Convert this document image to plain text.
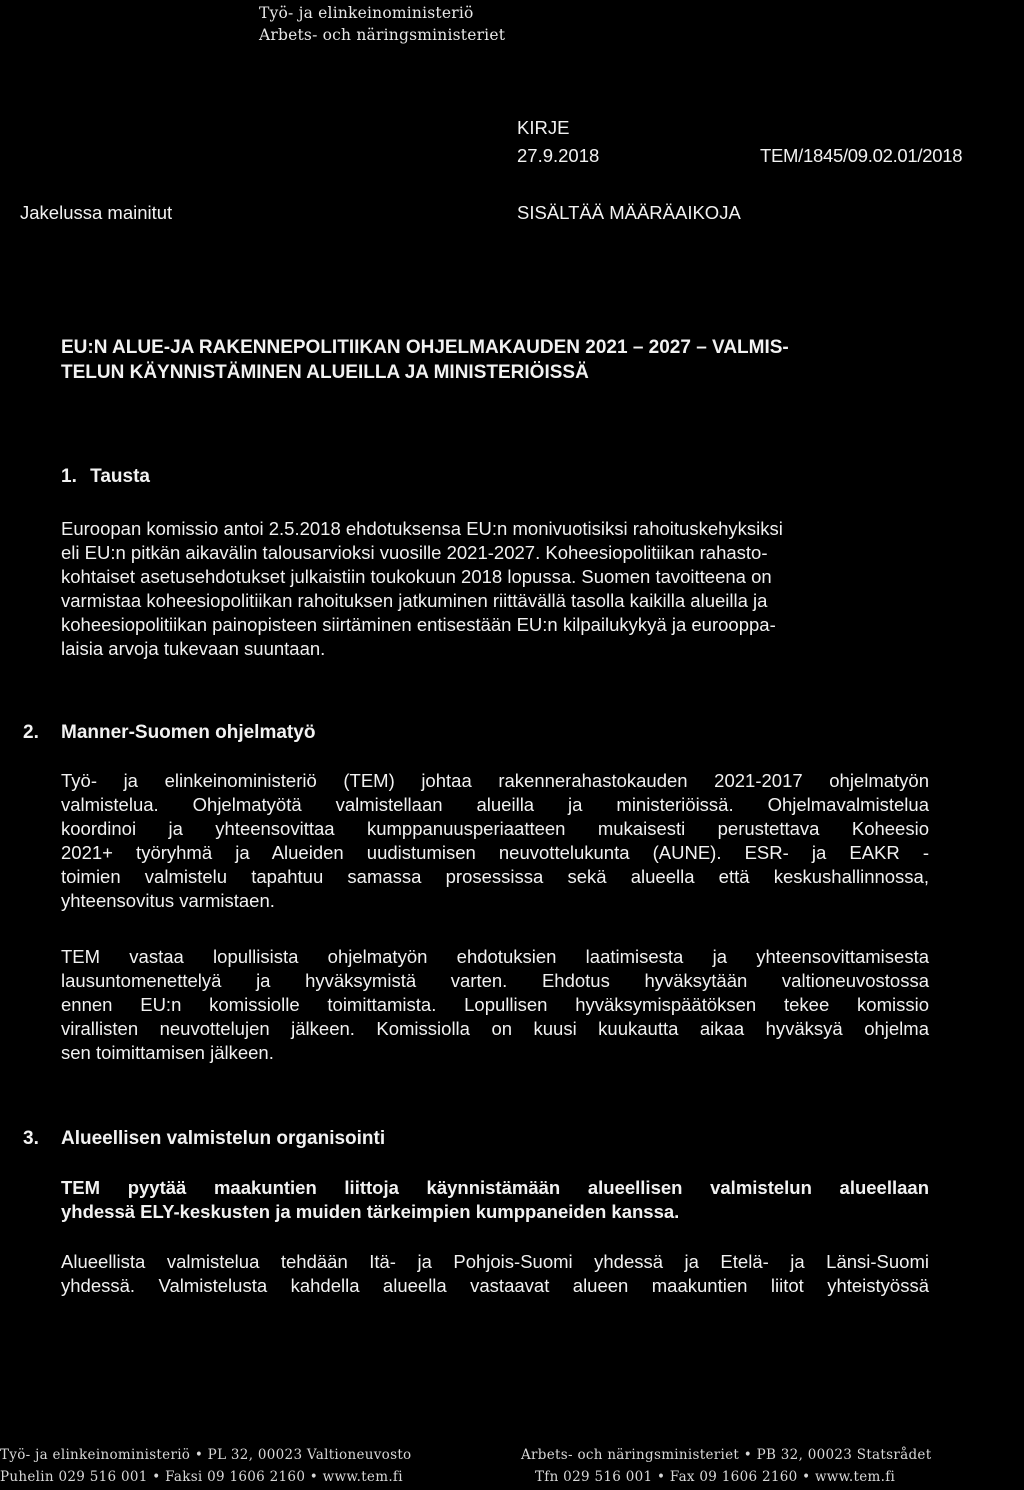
Työ- ja elinkeinoministeriö
Arbets- och näringsministeriet
KIRJE
27.9.2018	TEM/1845/09.02.01/2018
Jakelussa mainitut	SISÄLTÄÄ MÄÄRÄAIKOJA
EU:N ALUE-JA RAKENNEPOLITIIKAN OHJELMAKAUDEN 2021 – 2027 – VALMIS-
TELUN KÄYNNISTÄMINEN ALUEILLA JA MINISTERIÖISSÄ
1. Tausta
Euroopan komissio antoi 2.5.2018 ehdotuksensa EU:n monivuotisiksi rahoituskehyksiksi
eli EU:n pitkän aikavälin talousarvioksi vuosille 2021-2027. Koheesiopolitiikan rahasto-
kohtaiset asetusehdotukset julkaistiin toukokuun 2018 lopussa. Suomen tavoitteena on
varmistaa koheesiopolitiikan rahoituksen jatkuminen riittävällä tasolla kaikilla alueilla ja
koheesiopolitiikan painopisteen siirtäminen entisestään EU:n kilpailukykyä ja eurooppa-
laisia arvoja tukevaan suuntaan.
2. Manner-Suomen ohjelmatyö
Työ- ja elinkeinoministeriö (TEM) johtaa rakennerahastokauden 2021-2017 ohjelmatyön
valmistelua. Ohjelmatyötä valmistellaan alueilla ja ministeriöissä. Ohjelmavalmistelua
koordinoi ja yhteensovittaa kumppanuusperiaatteen mukaisesti perustettava Koheesio
2021+ työryhmä ja Alueiden uudistumisen neuvottelukunta (AUNE). ESR- ja EAKR -
toimien valmistelu tapahtuu samassa prosessissa sekä alueella että keskushallinnossa,
yhteensovitus varmistaen.
TEM vastaa lopullisista ohjelmatyön ehdotuksien laatimisesta ja yhteensovittamisesta
lausuntomenettelyä ja hyväksymistä varten. Ehdotus hyväksytään valtioneuvostossa
ennen EU:n komissiolle toimittamista. Lopullisen hyväksymispäätöksen tekee komissio
virallisten neuvottelujen jälkeen. Komissiolla on kuusi kuukautta aikaa hyväksyä ohjelma
sen toimittamisen jälkeen.
3. Alueellisen valmistelun organisointi
TEM pyytää maakuntien liittoja käynnistämään alueellisen valmistelun alueellaan
yhdessä ELY-keskusten ja muiden tärkeimpien kumppaneiden kanssa.
Alueellista valmistelua tehdään Itä- ja Pohjois-Suomi yhdessä ja Etelä- ja Länsi-Suomi
yhdessä. Valmistelusta kahdella alueella vastaavat alueen maakuntien liitot yhteistyössä
Työ- ja elinkeinoministeriö • PL 32, 00023 Valtioneuvosto
Puhelin 029 516 001 • Faksi 09 1606 2160 • www.tem.fi
Arbets- och näringsministeriet • PB 32, 00023 Statsrådet
Tfn 029 516 001 • Fax 09 1606 2160 • www.tem.fi
